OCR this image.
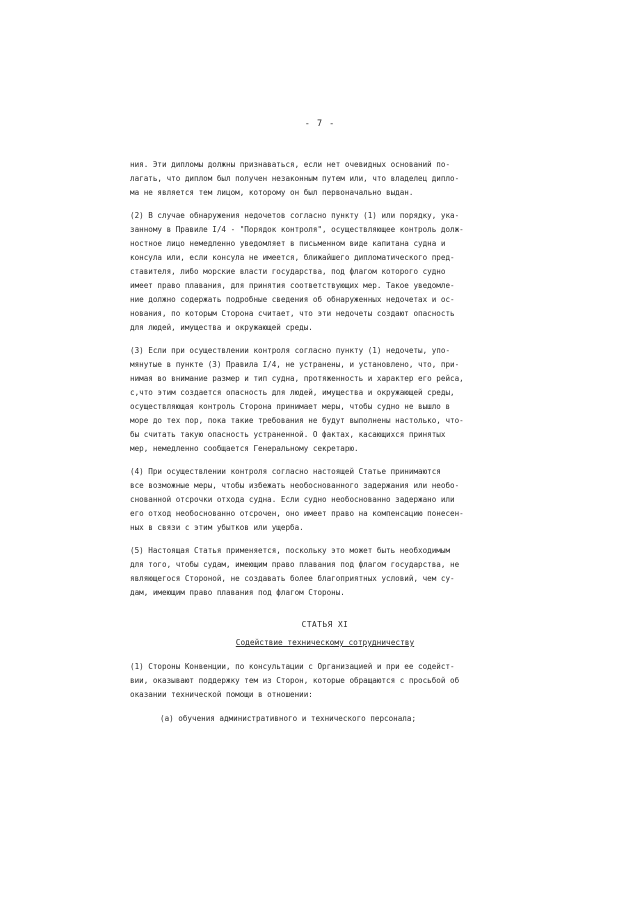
- 7 -
ния. Эти дипломы должны признаваться, если нет очевидных оснований по-
лагать, что диплом был получен незаконным путем или, что владелец дипло-
ма не является тем лицом, которому он был первоначально выдан.
(2) В случае обнаружения недочетов согласно пункту (1) или порядку, ука-
занному в Правиле I/4 - "Порядок контроля", осуществляющее контроль долж-
ностное лицо немедленно уведомляет в письменном виде капитана судна и
консула или, если консула не имеется, ближайшего дипломатического пред-
ставителя, либо морские власти государства, под флагом которого судно
имеет право плавания, для принятия соответствующих мер. Такое уведомле-
ние должно содержать подробные сведения об обнаруженных недочетах и ос-
нования, по которым Сторона считает, что эти недочеты создают опасность
для людей, имущества и окружающей среды.
(3) Если при осуществлении контроля согласно пункту (1) недочеты, упо-
мянутые в пункте (3) Правила I/4, не устранены, и установлено, что, при-
нимая во внимание размер и тип судна, протяженность и характер его рейса,
с,что этим создается опасность для людей, имущества и окружающей среды,
осуществляющая контроль Сторона принимает меры, чтобы судно не вышло в
море до тех пор, пока такие требования не будут выполнены настолько, что-
бы считать такую опасность устраненной. О фактах, касающихся принятых
мер, немедленно сообщается Генеральному секретарю.
(4) При осуществлении контроля согласно настоящей Статье принимаются
все возможные меры, чтобы избежать необоснованного задержания или необо-
снованной отсрочки отхода судна. Если судно необоснованно задержано или
его отход необоснованно отсрочен, оно имеет право на компенсацию понесен-
ных в связи с этим убытков или ущерба.
(5) Настоящая Статья применяется, поскольку это может быть необходимым
для того, чтобы судам, имеющим право плавания под флагом государства, не
являющегося Стороной, не создавать более благоприятных условий, чем су-
дам, имеющим право плавания под флагом Стороны.
СТАТЬЯ XI
Содействие техническому сотрудничеству
(1) Стороны Конвенции, по консультации с Организацией и при ее содейст-
вии, оказывают поддержку тем из Сторон, которые обращаются с просьбой об
оказании технической помощи в отношении:
(а) обучения административного и технического персонала;
